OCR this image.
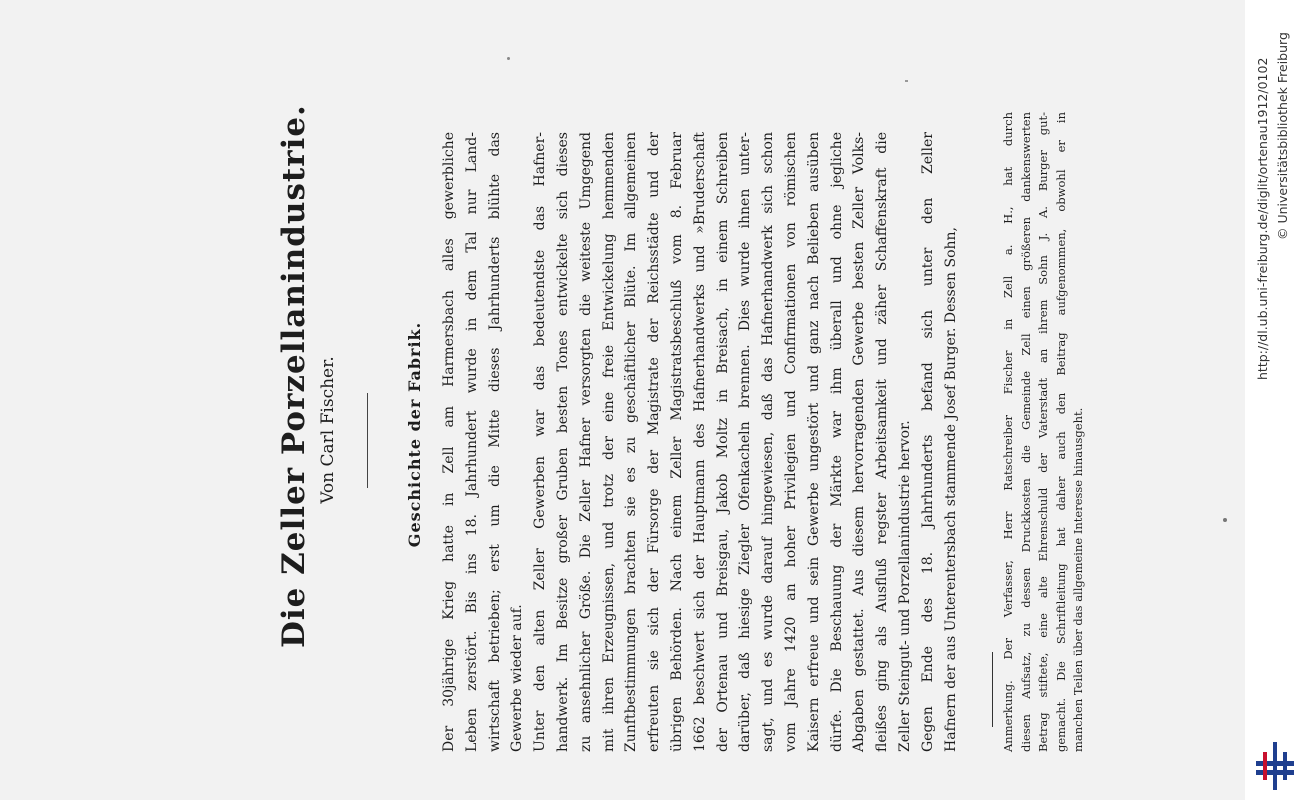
Die Zeller Porzellanindustrie. Von Carl Fischer.	Geschichte der Fabrik.	Der 30jährige Krieg hatte in Zell am Harmersbach alles gewerbliche Leben zerstört. Bis ins 18. Jahrhundert wurde in dem Tal nur Land- wirtschaft betrieben; erst um die Mitte dieses Jahrhunderts blühte das Gewerbe wieder auf. Unter den alten Zeller Gewerben war das bedeutendste das Hafner- handwerk. Im Besitze großer Gruben besten Tones entwickelte sich dieses zu ansehnlicher Größe. Die Zeller Hafner versorgten die weiteste Umgegend mit ihren Erzeugnissen, und trotz der eine freie Entwickelung hemmenden Zunftbestimmungen brachten sie es zu geschäftlicher Blüte. Im allgemeinen erfreuten sie sich der Fürsorge der Magistrate der Reichsstädte und der übrigen Behörden. Nach einem Zeller Magistratsbeschluß vom 8. Februar 1662 beschwert sich der Hauptmann des Hafnerhandwerks und »Bruderschaft der Ortenau und Breisgau, Jakob Moltz in Breisach, in einem Schreiben darüber, daß hiesige Ziegler Ofenkacheln brennen. Dies wurde ihnen unter- sagt, und es wurde darauf hingewiesen, daß das Hafnerhandwerk sich schon vom Jahre 1420 an hoher Privilegien und Confirmationen von römischen Kaisern erfreue und sein Gewerbe ungestört und ganz nach Belieben ausüben dürfe. Die Beschauung der Märkte war ihm überall und ohne jegliche Abgaben gestattet. Aus diesem hervorragenden Gewerbe besten Zeller Volks- fleißes ging als Ausfluß regster Arbeitsamkeit und zäher Schaffenskraft die Zeller Steingut- und Porzellanindustrie hervor. Gegen Ende des 18. Jahrhunderts befand sich unter den Zeller Hafnern der aus Unterentersbach stammende Josef Burger. Dessen Sohn,	Anmerkung. Der Verfasser, Herr Ratschreiber Fischer in Zell a. H., hat durch diesen Aufsatz, zu dessen Druckkosten die Gemeinde Zell einen größeren dankenswerten Betrag stiftete, eine alte Ehrenschuld der Vaterstadt an ihrem Sohn J. A. Burger gut- gemacht. Die Schriftleitung hat daher auch den Beitrag aufgenommen, obwohl er in manchen Teilen über das allgemeine Interesse hinausgeht.
http://dl.ub.uni-freiburg.de/diglit/ortenau1912/0102 © Universitätsbibliothek Freiburg
